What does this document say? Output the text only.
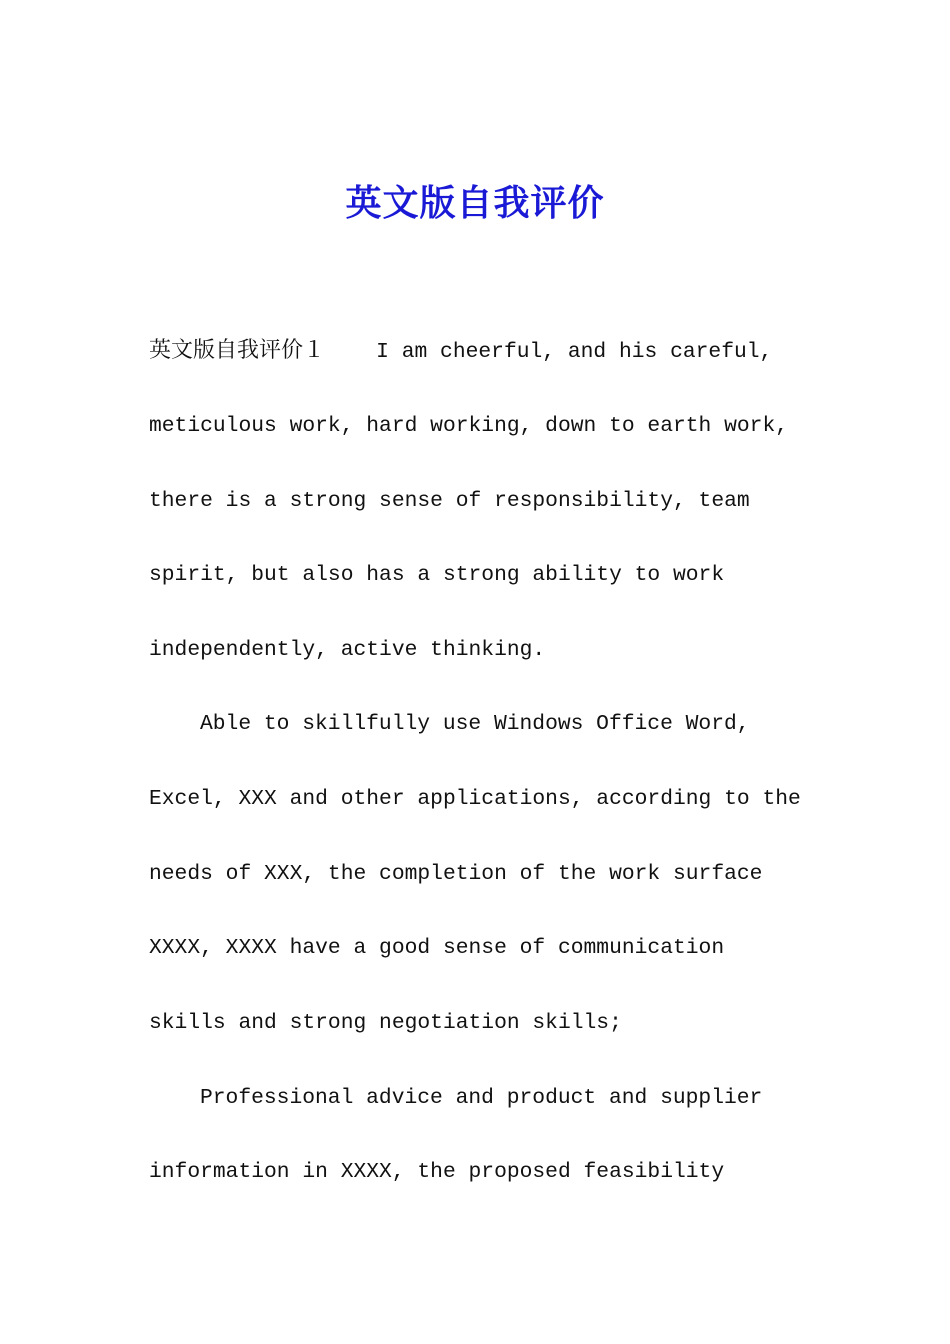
英文版自我评价
英文版自我评价１    I am cheerful, and his careful,
meticulous work, hard working, down to earth work,
there is a strong sense of responsibility, team
spirit, but also has a strong ability to work
independently, active thinking.
Able to skillfully use Windows Office Word,
Excel, XXX and other applications, according to the
needs of XXX, the completion of the work surface
XXXX, XXXX have a good sense of communication
skills and strong negotiation skills;
Professional advice and product and supplier
information in XXXX, the proposed feasibility
